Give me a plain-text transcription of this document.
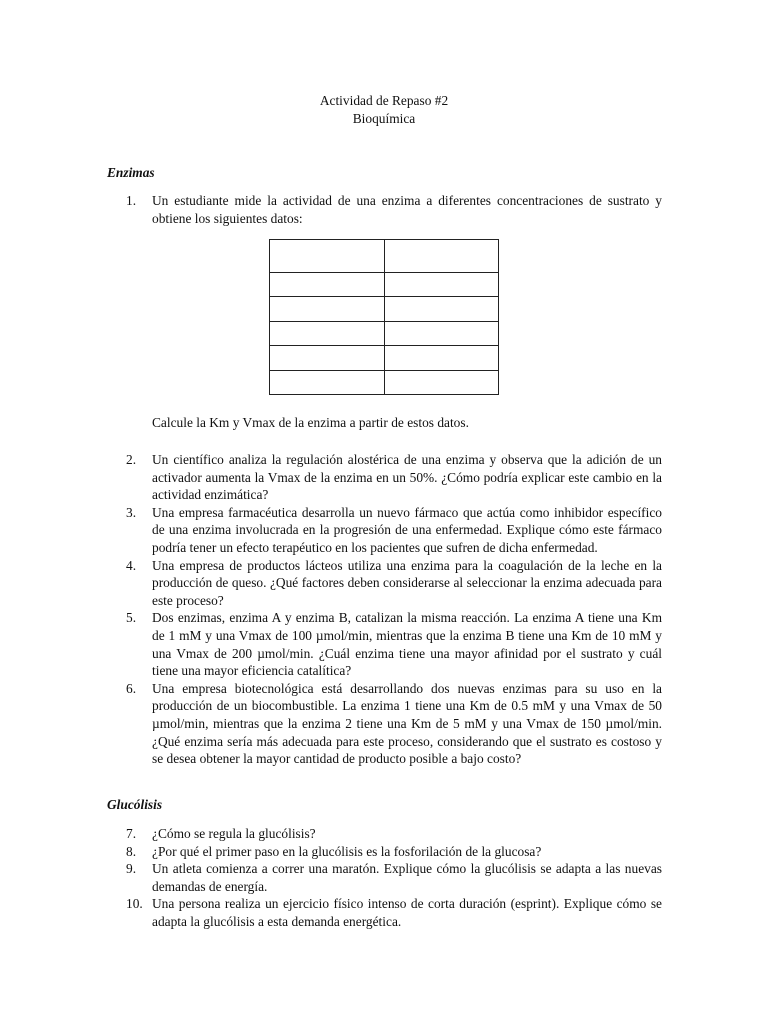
Actividad de Repaso #2
Bioquímica
Enzimas
1.	Un estudiante mide la actividad de una enzima a diferentes concentraciones de sustrato y obtiene los siguientes datos:

Calcule la Km y Vmax de la enzima a partir de estos datos.
2.	Un científico analiza la regulación alostérica de una enzima y observa que la adición de un activador aumenta la Vmax de la enzima en un 50%. ¿Cómo podría explicar este cambio en la actividad enzimática?
3.	Una empresa farmacéutica desarrolla un nuevo fármaco que actúa como inhibidor específico de una enzima involucrada en la progresión de una enfermedad. Explique cómo este fármaco podría tener un efecto terapéutico en los pacientes que sufren de dicha enfermedad.
4.	Una empresa de productos lácteos utiliza una enzima para la coagulación de la leche en la producción de queso. ¿Qué factores deben considerarse al seleccionar la enzima adecuada para este proceso?
5.	Dos enzimas, enzima A y enzima B, catalizan la misma reacción. La enzima A tiene una Km de 1 mM y una Vmax de 100 µmol/min, mientras que la enzima B tiene una Km de 10 mM y una Vmax de 200 µmol/min. ¿Cuál enzima tiene una mayor afinidad por el sustrato y cuál tiene una mayor eficiencia catalítica?
6.	Una empresa biotecnológica está desarrollando dos nuevas enzimas para su uso en la producción de un biocombustible. La enzima 1 tiene una Km de 0.5 mM y una Vmax de 50 µmol/min, mientras que la enzima 2 tiene una Km de 5 mM y una Vmax de 150 µmol/min. ¿Qué enzima sería más adecuada para este proceso, considerando que el sustrato es costoso y se desea obtener la mayor cantidad de producto posible a bajo costo?
Glucólisis
7.	¿Cómo se regula la glucólisis?
8.	¿Por qué el primer paso en la glucólisis es la fosforilación de la glucosa?
9.	Un atleta comienza a correr una maratón. Explique cómo la glucólisis se adapta a las nuevas demandas de energía.
10. Una persona realiza un ejercicio físico intenso de corta duración (esprint). Explique cómo se adapta la glucólisis a esta demanda energética.
